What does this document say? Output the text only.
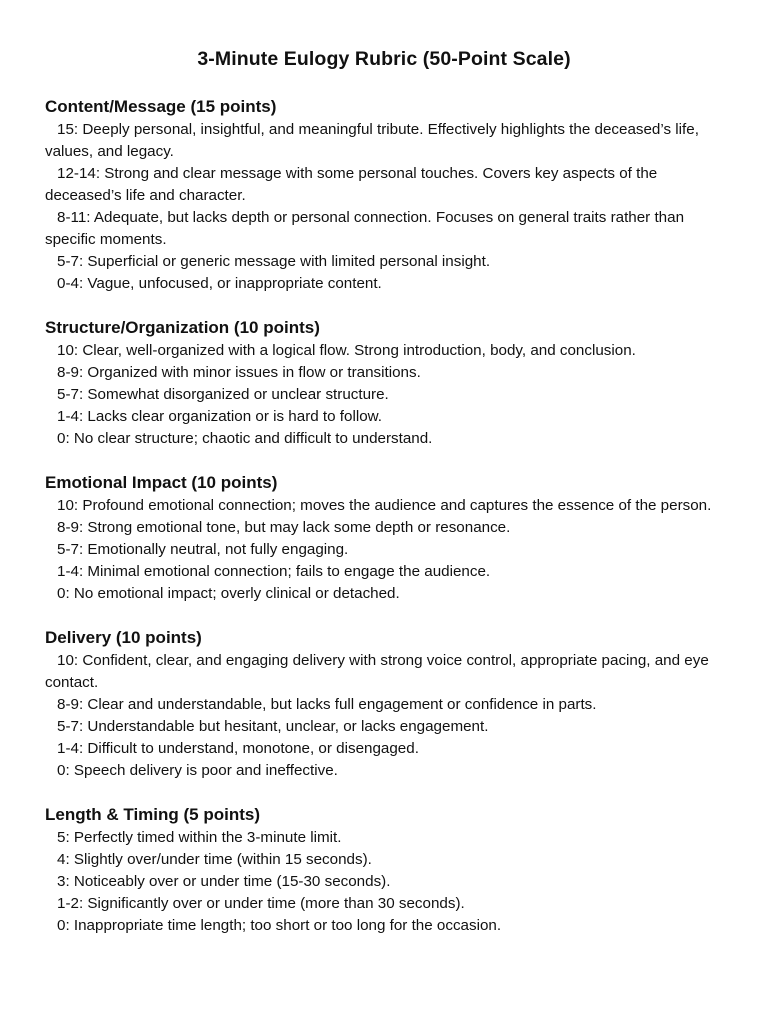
3-Minute Eulogy Rubric (50-Point Scale)
Content/Message (15 points)

15: Deeply personal, insightful, and meaningful tribute. Effectively highlights the deceased’s life, values, and legacy.

12-14: Strong and clear message with some personal touches. Covers key aspects of the deceased’s life and character.

8-11: Adequate, but lacks depth or personal connection. Focuses on general traits rather than specific moments.

5-7: Superficial or generic message with limited personal insight.

0-4: Vague, unfocused, or inappropriate content.

Structure/Organization (10 points)

10: Clear, well-organized with a logical flow. Strong introduction, body, and conclusion.

8-9: Organized with minor issues in flow or transitions.

5-7: Somewhat disorganized or unclear structure.

1-4: Lacks clear organization or is hard to follow.

0: No clear structure; chaotic and difficult to understand.

Emotional Impact (10 points)

10: Profound emotional connection; moves the audience and captures the essence of the person.

8-9: Strong emotional tone, but may lack some depth or resonance.

5-7: Emotionally neutral, not fully engaging.

1-4: Minimal emotional connection; fails to engage the audience.

0: No emotional impact; overly clinical or detached.

Delivery (10 points)

10: Confident, clear, and engaging delivery with strong voice control, appropriate pacing, and eye contact.

8-9: Clear and understandable, but lacks full engagement or confidence in parts.

5-7: Understandable but hesitant, unclear, or lacks engagement.

1-4: Difficult to understand, monotone, or disengaged.

0: Speech delivery is poor and ineffective.

Length & Timing (5 points)

5: Perfectly timed within the 3-minute limit.

4: Slightly over/under time (within 15 seconds).

3: Noticeably over or under time (15-30 seconds).

1-2: Significantly over or under time (more than 30 seconds).

0: Inappropriate time length; too short or too long for the occasion.
